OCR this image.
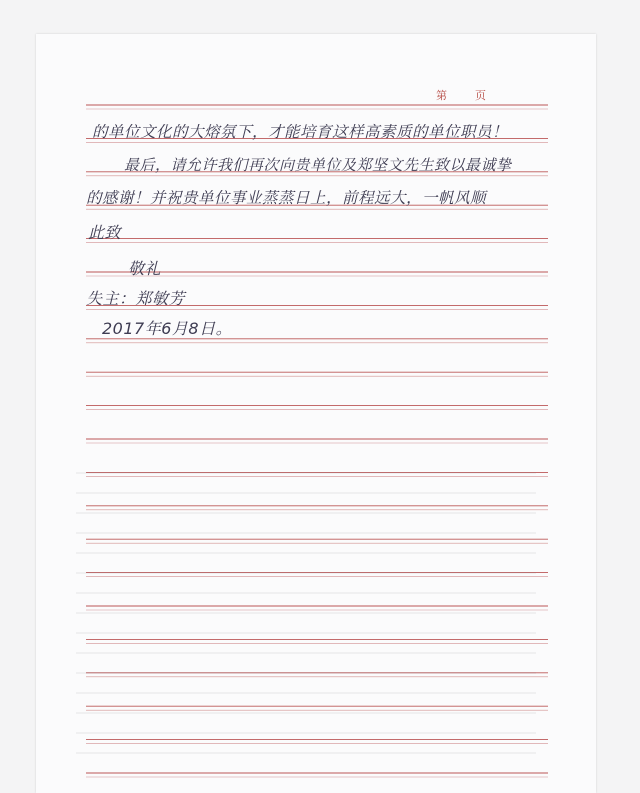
第 页
的单位文化的大熔氛下，才能培育这样高素质的单位职员！
最后，请允许我们再次向贵单位及郑坚文先生致以最诚挚
的感谢！并祝贵单位事业蒸蒸日上，前程远大，一帆风顺
此致
敬礼
失主：郑敏芳
2017年6月8日。
